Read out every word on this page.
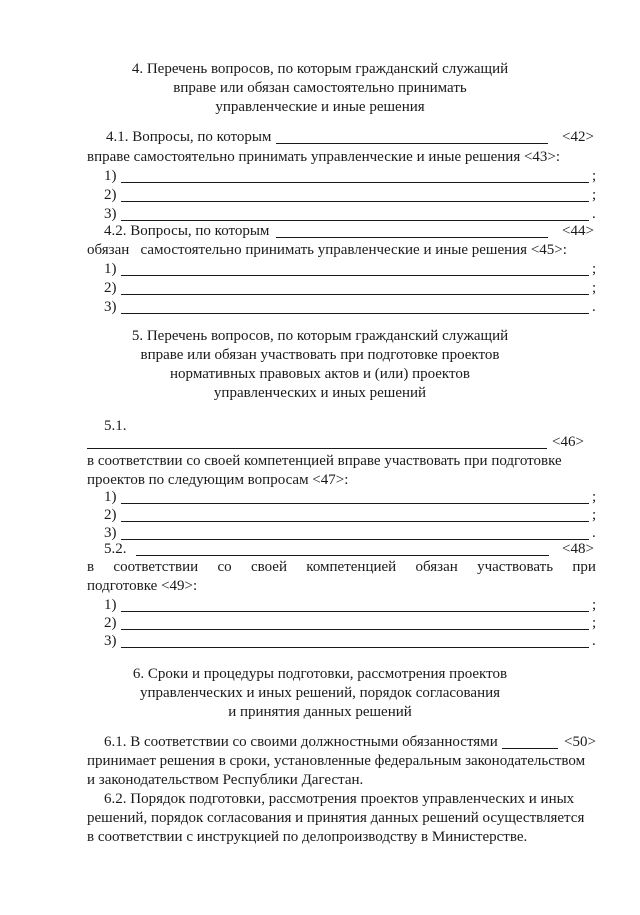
4. Перечень вопросов, по которым гражданский служащий
вправе или обязан самостоятельно принимать
управленческие и иные решения
4.1. Вопросы, по которым	<42>
вправе самостоятельно принимать управленческие и иные решения <43>:
1)	;
2)	;
3)	.
4.2. Вопросы, по которым	<44>
обязан   самостоятельно принимать управленческие и иные решения <45>:
1)	;
2)	;
3)	.
5. Перечень вопросов, по которым гражданский служащий
вправе или обязан участвовать при подготовке проектов
нормативных правовых актов и (или) проектов
управленческих и иных решений
5.1.
<46>
в соответствии со своей компетенцией вправе участвовать при подготовке
проектов по следующим вопросам <47>:
1)	;
2)	;
3)	.
5.2.	<48>
в соответствии со своей компетенцией обязан участвовать при
подготовке <49>:
1)	;
2)	;
3)	.
6. Сроки и процедуры подготовки, рассмотрения проектов
управленческих и иных решений, порядок согласования
и принятия данных решений
6.1. В соответствии со своими должностными обязанностями	<50>
принимает решения в сроки, установленные федеральным законодательством
и законодательством Республики Дагестан.
6.2. Порядок подготовки, рассмотрения проектов управленческих и иных
решений, порядок согласования и принятия данных решений осуществляется
в соответствии с инструкцией по делопроизводству в Министерстве.
